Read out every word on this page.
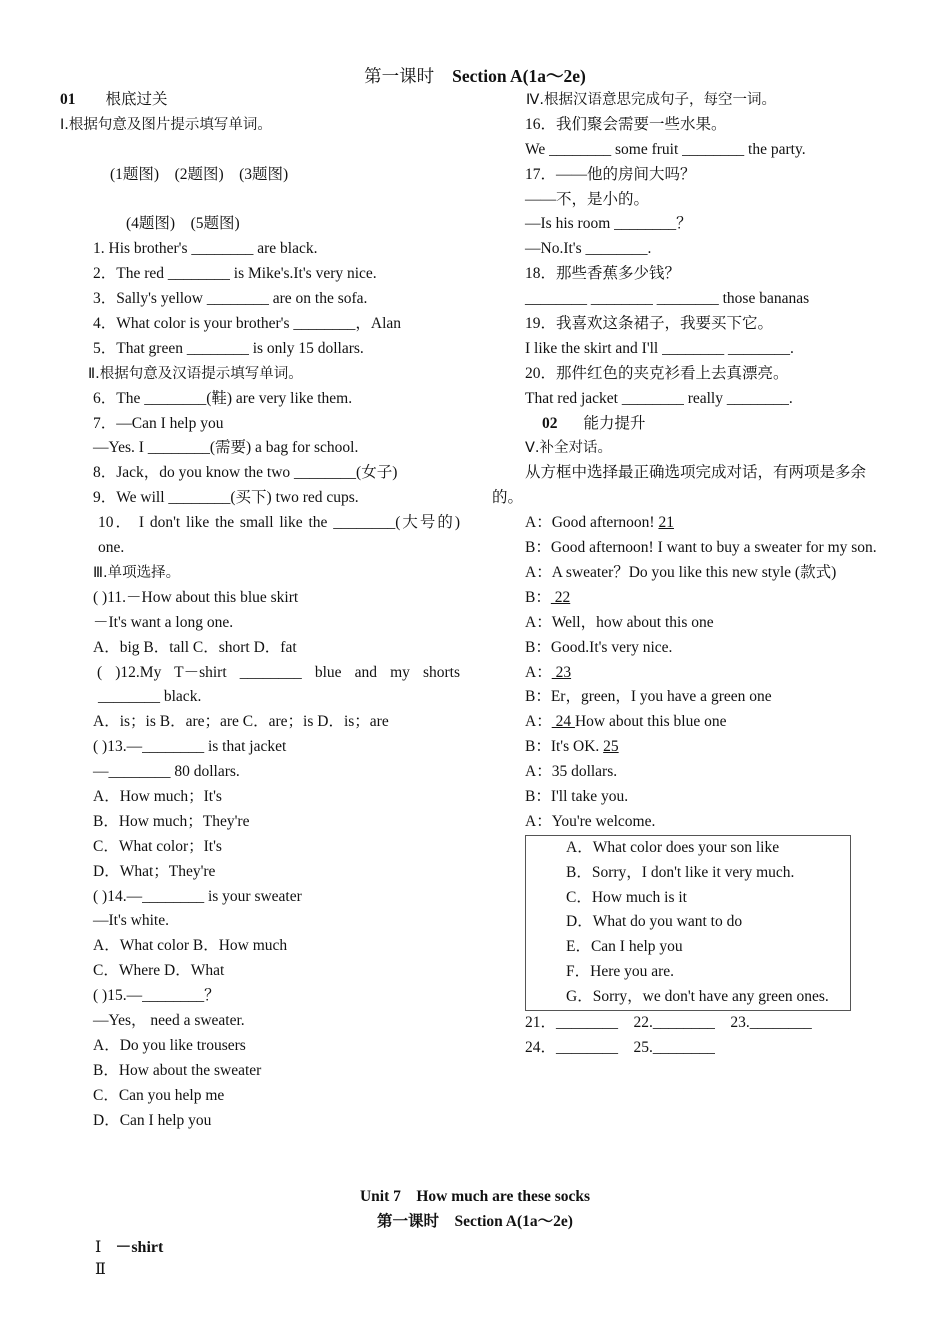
第一课时 Section A(1a～2e)
01 根底过关
Ⅰ.根据句意及图片提示填写单词。
(1题图)　(2题图)　(3题图)
(4题图)　(5题图)
1. His brother's ________ are black.
2．The red ________ is Mike's.It's very nice.
3．Sally's yellow ________ are on the sofa.
4．What color is your brother's ________，Alan
5．That green ________ is only 15 dollars.
Ⅱ.根据句意及汉语提示填写单词。
6．The ________(鞋) are very like them.
7．—Can I help you
—Yes. I ________(需要) a bag for school.
8．Jack，do you know the two ________(女子)
9．We will ________(买下) two red cups.
10． I don't like the small like the ________(大号的) one.
Ⅲ.单项选择。
( )11.－How about this blue skirt
－It's want a long one.
A．big B．tall C．short D．fat
( )12.My T－shirt ________ blue and my shorts
________ black.
A．is；is B．are；are C．are；is D．is；are
( )13.—________ is that jacket
—________ 80 dollars.
A．How much；It's
B．How much；They're
C．What color；It's
D．What；They're
( )14.—________ is your sweater
—It's white.
A．What color B．How much
C．Where D．What
( )15.—________？
—Yes， need a sweater.
A．Do you like trousers
B．How about the sweater
C．Can you help me
D．Can I help you
Ⅳ.根据汉语意思完成句子，每空一词。
16．我们聚会需要一些水果。
We ________ some fruit ________ the party.
17．——他的房间大吗？
——不，是小的。
—Is his room ________？
—No.It's ________.
18．那些香蕉多少钱？
________ ________ ________ those bananas
19．我喜欢这条裙子，我要买下它。
I like the skirt and I'll ________ ________.
20．那件红色的夹克衫看上去真漂亮。
That red jacket ________ really ________.
02 能力提升
Ⅴ.补全对话。
从方框中选择最正确选项完成对话，有两项是多余的。
A：Good afternoon! 21
B：Good afternoon! I want to buy a sweater for my son.
A：A sweater？Do you like this new style (款式)
B： 22
A：Well，how about this one
B：Good.It's very nice.
A： 23
B：Er，green，I you have a green one
A： 24 How about this blue one
B：It's OK. 25
A：35 dollars.
B：I'll take you.
A：You're welcome.
A．What color does your son like
B．Sorry，I don't like it very much.
C．How much is it
D．What do you want to do
E．Can I help you
F．Here you are.
G．Sorry，we don't have any green ones.
21．________　22.________　23.________
24．________　25.________
Unit 7　How much are these socks
第一课时　Section A(1a～2e)
Ⅰ －shirt
Ⅱ
